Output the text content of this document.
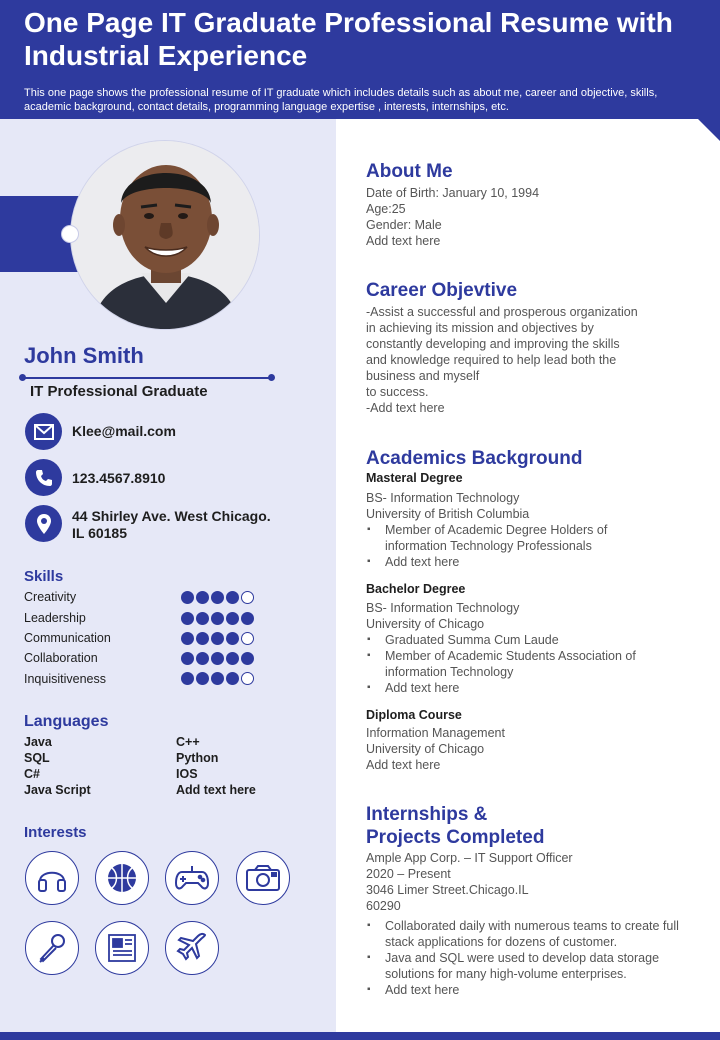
One Page IT Graduate Professional Resume with Industrial Experience
This one page shows the professional resume of IT graduate which includes details such as about me, career and objective, skills, academic background, contact details, programming language expertise , interests, internships, etc.
John Smith
IT Professional Graduate
Klee@mail.com
123.4567.8910
44 Shirley Ave. West Chicago.
IL 60185
Skills
Creativity
Leadership
Communication
Collaboration
Inquisitiveness
Languages
Java
SQL
C#
Java Script
C++
Python
IOS
Add text here
Interests
About Me
Date of Birth: January 10, 1994
Age:25
Gender: Male
Add text here
Career Objevtive
-Assist a successful and prosperous organization
in achieving its mission and objectives by
constantly developing and improving the skills
and knowledge required to help lead both the
business and myself
to success.
-Add text here
Academics Background
Masteral Degree
BS- Information Technology
University of British Columbia
▪ Member of Academic Degree Holders of information Technology Professionals
▪ Add text here
Bachelor Degree
BS- Information Technology
University of Chicago
▪ Graduated Summa Cum Laude
▪ Member of Academic Students Association of information Technology
▪ Add text here
Diploma Course
Information Management
University of Chicago
Add text here
Internships &
Projects Completed
Ample App Corp. – IT Support Officer
2020 – Present
3046 Limer Street.Chicago.IL
60290
▪ Collaborated daily with numerous teams to create full stack applications for dozens of customer.
▪ Java and SQL were used to develop data storage solutions for many high-volume enterprises.
▪ Add text here
